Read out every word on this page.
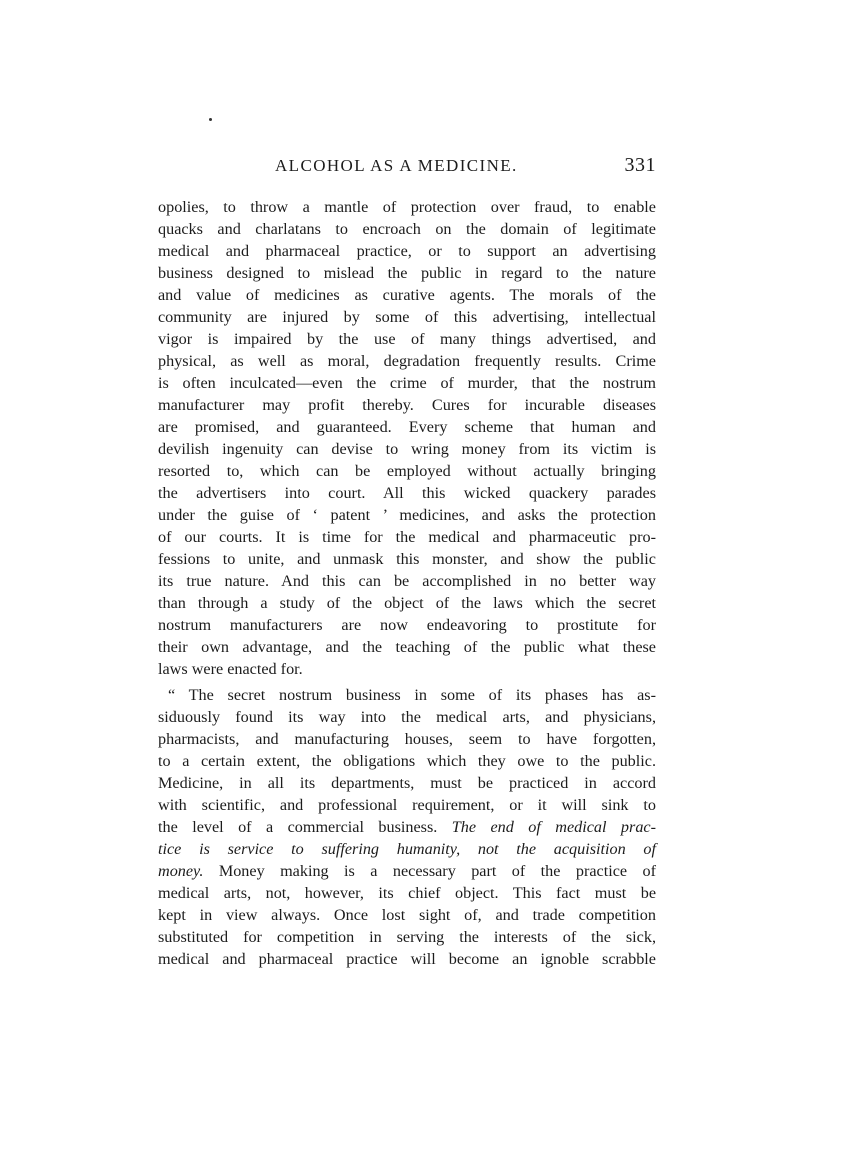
ALCOHOL AS A MEDICINE.	331
opolies, to throw a mantle of protection over fraud, to enable
quacks and charlatans to encroach on the domain of legitimate
medical and pharmaceal practice, or to support an advertising
business designed to mislead the public in regard to the nature
and value of medicines as curative agents. The morals of the
community are injured by some of this advertising, intellectual
vigor is impaired by the use of many things advertised, and
physical, as well as moral, degradation frequently results. Crime
is often inculcated—even the crime of murder, that the nostrum
manufacturer may profit thereby. Cures for incurable diseases
are promised, and guaranteed. Every scheme that human and
devilish ingenuity can devise to wring money from its victim is
resorted to, which can be employed without actually bringing
the advertisers into court. All this wicked quackery parades
under the guise of ‘ patent ’ medicines, and asks the protection
of our courts. It is time for the medical and pharmaceutic pro-
fessions to unite, and unmask this monster, and show the public
its true nature. And this can be accomplished in no better way
than through a study of the object of the laws which the secret
nostrum manufacturers are now endeavoring to prostitute for
their own advantage, and the teaching of the public what these
laws were enacted for.
“ The secret nostrum business in some of its phases has as-
siduously found its way into the medical arts, and physicians,
pharmacists, and manufacturing houses, seem to have forgotten,
to a certain extent, the obligations which they owe to the public.
Medicine, in all its departments, must be practiced in accord
with scientific, and professional requirement, or it will sink to
the level of a commercial business. The end of medical prac-
tice is service to suffering humanity, not the acquisition of
money. Money making is a necessary part of the practice of
medical arts, not, however, its chief object. This fact must be
kept in view always. Once lost sight of, and trade competition
substituted for competition in serving the interests of the sick,
medical and pharmaceal practice will become an ignoble scrabble
